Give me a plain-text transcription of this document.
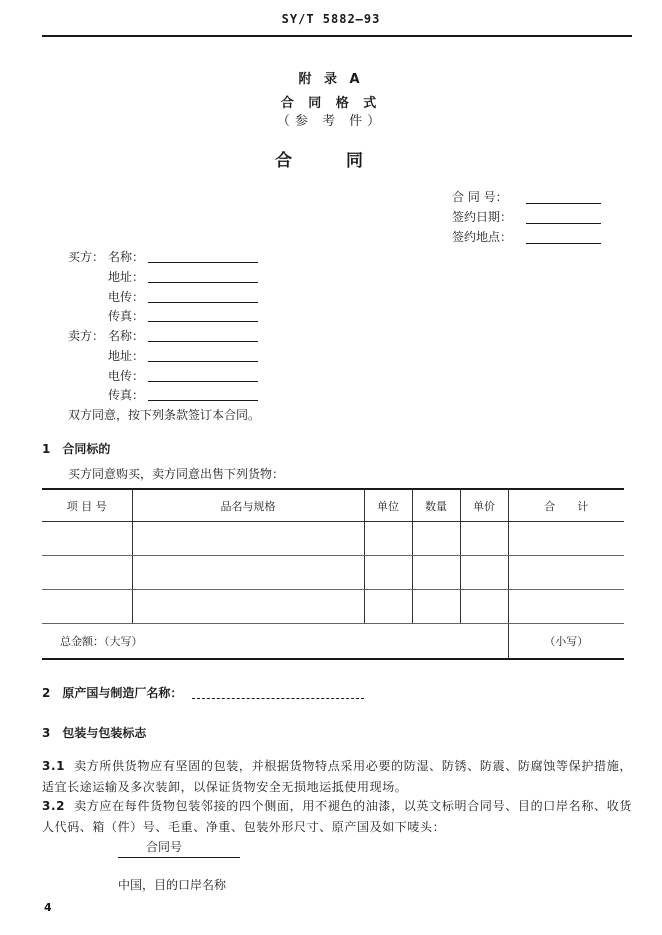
SY/T 5882—93
附 录 A
合 同 格 式
（参 考 件）
合 同
合 同 号：
签约日期：
签约地点：
买方： 名称：
地址：
电传：
传真：
卖方： 名称：
地址：
电传：
传真：
双方同意，按下列条款签订本合同。
1　合同标的
买方同意购买，卖方同意出售下列货物：
项 目 号	品名与规格	单位	数量	单价	合　　计

总金额：（大写）					（小写）
2　原产国与制造厂名称：
3　包装与包装标志
3.1 卖方所供货物应有坚固的包装，并根据货物特点采用必要的防湿、防锈、防震、防腐蚀等保护措施，适宜长途运输及多次装卸，以保证货物安全无损地运抵使用现场。
3.2 卖方应在每件货物包装邻接的四个侧面，用不褪色的油漆，以英文标明合同号、目的口岸名称、收货人代码、箱（件）号、毛重、净重、包装外形尺寸、原产国及如下唛头：
合同号
中国，目的口岸名称
4
